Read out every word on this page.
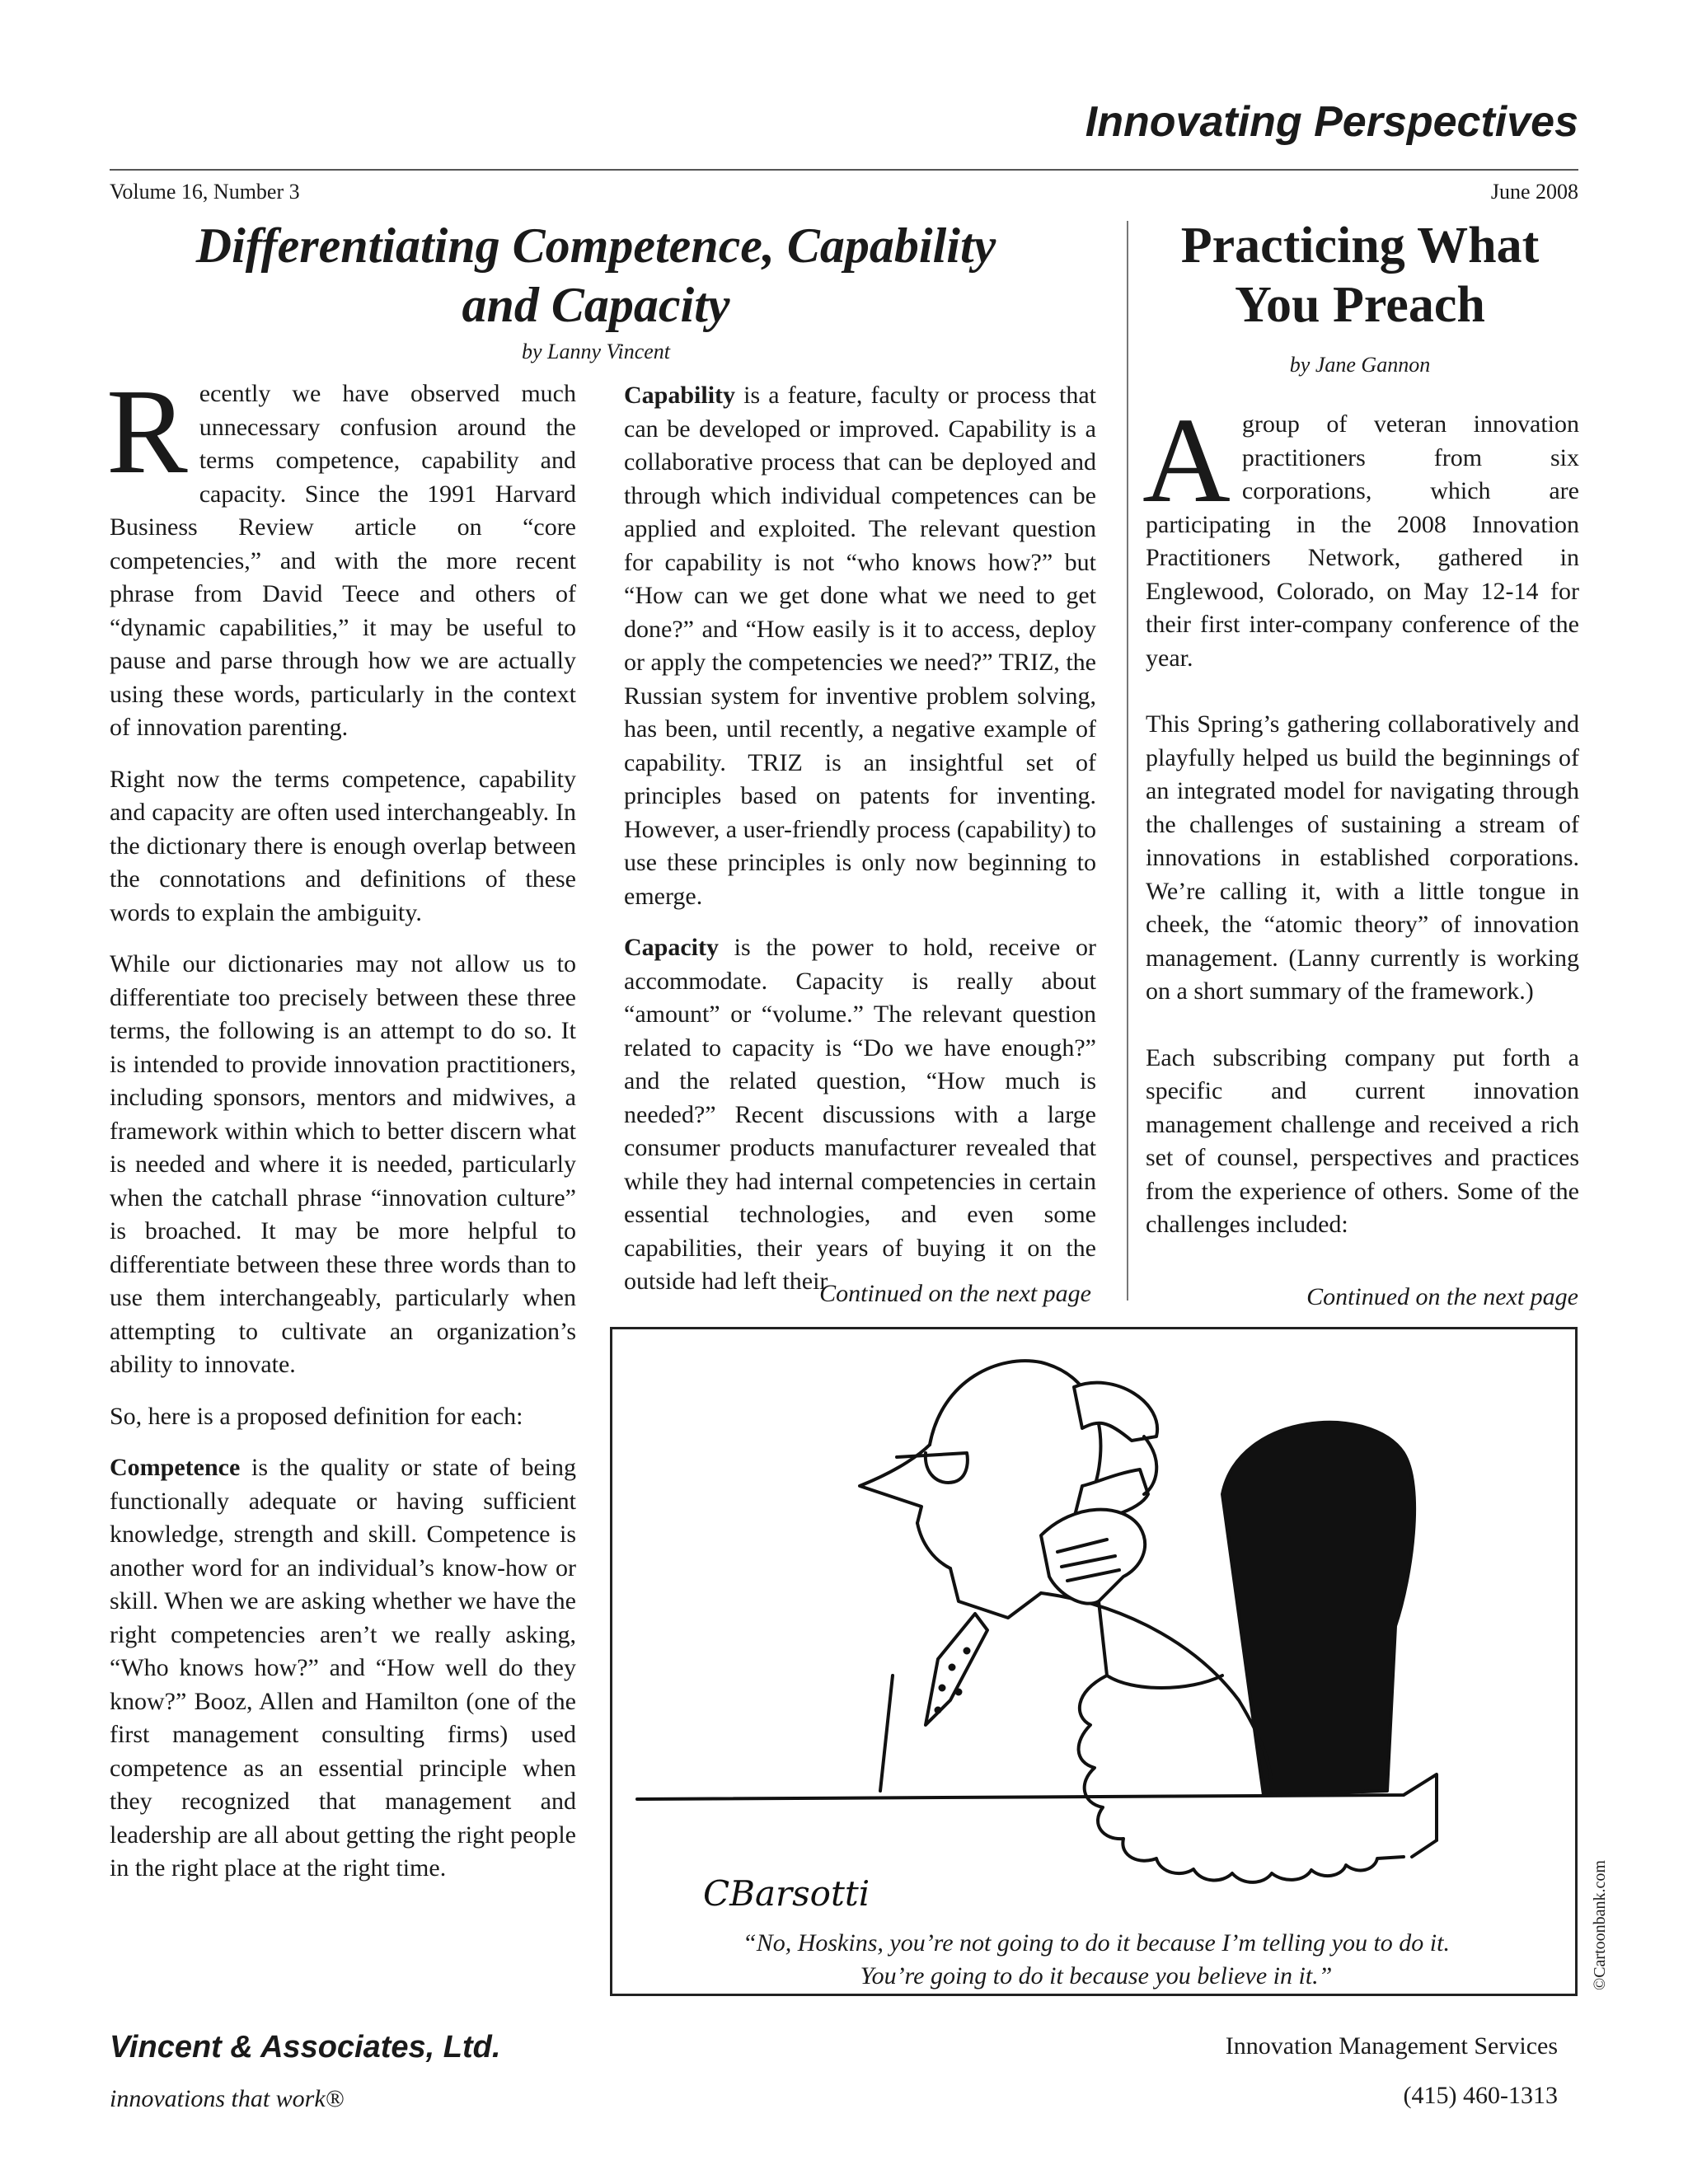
Innovating Perspectives
Volume 16, Number 3	June 2008
Differentiating Competence, Capability
and Capacity
by Lanny Vincent

Recently we have observed much unnecessary confusion around the terms competence, capability and capacity. Since the 1991 Harvard Business Review article on “core competencies,” and with the more recent phrase from David Teece and others of “dynamic capabilities,” it may be useful to pause and parse through how we are actually using these words, particularly in the context of innovation parenting.

Right now the terms competence, capability and capacity are often used interchangeably. In the dictionary there is enough overlap between the connotations and definitions of these words to explain the ambiguity.

While our dictionaries may not allow us to differentiate too precisely between these three terms, the following is an attempt to do so. It is intended to provide innovation practitioners, including sponsors, mentors and midwives, a framework within which to better discern what is needed and where it is needed, particularly when the catchall phrase “innovation culture” is broached. It may be more helpful to differentiate between these three words than to use them interchangeably, particularly when attempting to cultivate an organization’s ability to innovate.

So, here is a proposed definition for each:

Competence is the quality or state of being functionally adequate or having sufficient knowledge, strength and skill. Competence is another word for an individual’s know-how or skill. When we are asking whether we have the right competencies aren’t we really asking, “Who knows how?” and “How well do they know?” Booz, Allen and Hamilton (one of the first management consulting firms) used competence as an essential principle when they recognized that management and leadership are all about getting the right people in the right place at the right time.

Capability is a feature, faculty or process that can be developed or improved. Capability is a collaborative process that can be deployed and through which individual competences can be applied and exploited. The relevant question for capability is not “who knows how?” but “How can we get done what we need to get done?” and “How easily is it to access, deploy or apply the competencies we need?” TRIZ, the Russian system for inventive problem solving, has been, until recently, a negative example of capability. TRIZ is an insightful set of principles based on patents for inventing. However, a user-friendly process (capability) to use these principles is only now beginning to emerge.

Capacity is the power to hold, receive or accommodate. Capacity is really about “amount” or “volume.” The relevant question related to capacity is “Do we have enough?” and the related question, “How much is needed?” Recent discussions with a large consumer products manufacturer revealed that while they had internal competencies in certain essential technologies, and even some capabilities, their years of buying it on the outside had left their

Continued on the next page
Practicing What
You Preach
by Jane Gannon

Agroup of veteran innovation practitioners from six corporations, which are participating in the 2008 Innovation Practitioners Network, gathered in Englewood, Colorado, on May 12-14 for their first inter-company conference of the year.

This Spring’s gathering collaboratively and playfully helped us build the beginnings of an integrated model for navigating through the challenges of sustaining a stream of innovations in established corporations. We’re calling it, with a little tongue in cheek, the “atomic theory” of innovation management. (Lanny currently is working on a short summary of the framework.)

Each subscribing company put forth a specific and current innovation management challenge and received a rich set of counsel, perspectives and practices from the experience of others. Some of the challenges included:

Continued on the next page
CBarsotti
“No, Hoskins, you’re not going to do it because I’m telling you to do it.
You’re going to do it because you believe in it.”	©Cartoonbank.com
Vincent & Associates, Ltd.
innovations that work®
Innovation Management Services
(415) 460-1313
